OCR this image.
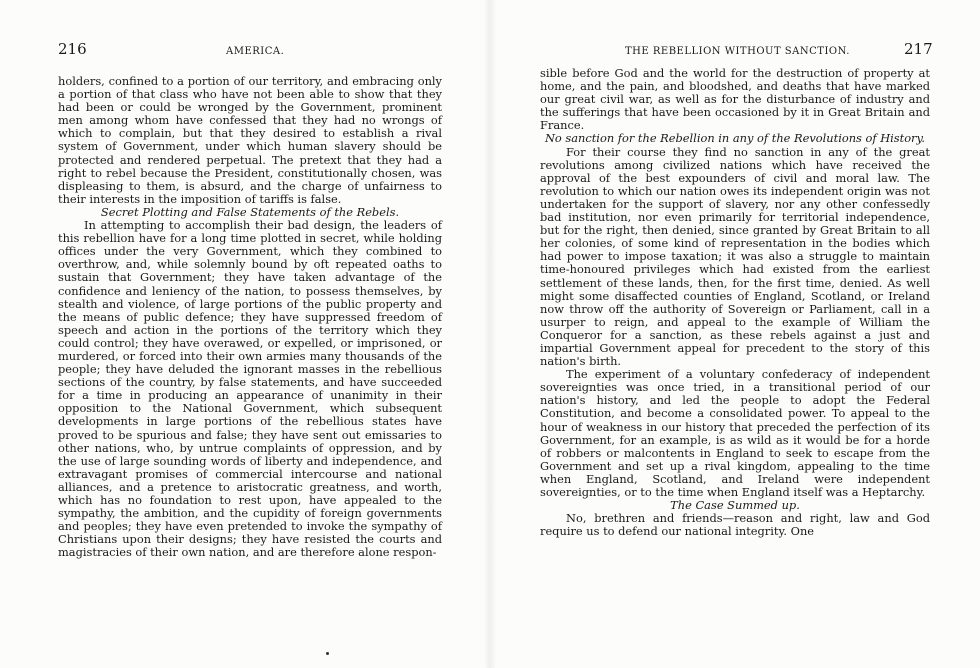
216	AMERICA.

holders, confined to a portion of our territory, and embracing only a portion of that class who have not been able to show that they had been or could be wronged by the Government, prominent men among whom have confessed that they had no wrongs of which to complain, but that they desired to establish a rival system of Government, under which human slavery should be protected and rendered perpetual. The pretext that they had a right to rebel because the President, constitutionally chosen, was displeasing to them, is absurd, and the charge of unfairness to their interests in the imposition of tariffs is false.

Secret Plotting and False Statements of the Rebels.

In attempting to accomplish their bad design, the leaders of this rebellion have for a long time plotted in secret, while holding offices under the very Government, which they combined to overthrow, and, while solemnly bound by oft repeated oaths to sustain that Government; they have taken advantage of the confidence and leniency of the nation, to possess themselves, by stealth and violence, of large portions of the public property and the means of public defence; they have suppressed freedom of speech and action in the portions of the territory which they could control; they have overawed, or expelled, or imprisoned, or murdered, or forced into their own armies many thousands of the people; they have deluded the ignorant masses in the rebellious sections of the country, by false statements, and have succeeded for a time in producing an appearance of unanimity in their opposition to the National Government, which subsequent developments in large portions of the rebellious states have proved to be spurious and false; they have sent out emissaries to other nations, who, by untrue complaints of oppression, and by the use of large sounding words of liberty and independence, and extravagant promises of commercial intercourse and national alliances, and a pretence to aristocratic greatness, and worth, which has no foundation to rest upon, have appealed to the sympathy, the ambition, and the cupidity of foreign governments and peoples; they have even pretended to invoke the sympathy of Christians upon their designs; they have resisted the courts and magistracies of their own nation, and are therefore alone respon-

THE REBELLION WITHOUT SANCTION.	217

sible before God and the world for the destruction of property at home, and the pain, and bloodshed, and deaths that have marked our great civil war, as well as for the disturbance of industry and the sufferings that have been occasioned by it in Great Britain and France.

No sanction for the Rebellion in any of the Revolutions of History.

For their course they find no sanction in any of the great revolutions among civilized nations which have received the approval of the best expounders of civil and moral law. The revolution to which our nation owes its independent origin was not undertaken for the support of slavery, nor any other confessedly bad institution, nor even primarily for territorial independence, but for the right, then denied, since granted by Great Britain to all her colonies, of some kind of representation in the bodies which had power to impose taxation; it was also a struggle to maintain time-honoured privileges which had existed from the earliest settlement of these lands, then, for the first time, denied. As well might some disaffected counties of England, Scotland, or Ireland now throw off the authority of Sovereign or Parliament, call in a usurper to reign, and appeal to the example of William the Conqueror for a sanction, as these rebels against a just and impartial Government appeal for precedent to the story of this nation's birth.

The experiment of a voluntary confederacy of independent sovereignties was once tried, in a transitional period of our nation's history, and led the people to adopt the Federal Constitution, and become a consolidated power. To appeal to the hour of weakness in our history that preceded the perfection of its Government, for an example, is as wild as it would be for a horde of robbers or malcontents in England to seek to escape from the Government and set up a rival kingdom, appealing to the time when England, Scotland, and Ireland were independent sovereignties, or to the time when England itself was a Heptarchy.

The Case Summed up.

No, brethren and friends—reason and right, law and God require us to defend our national integrity. One
